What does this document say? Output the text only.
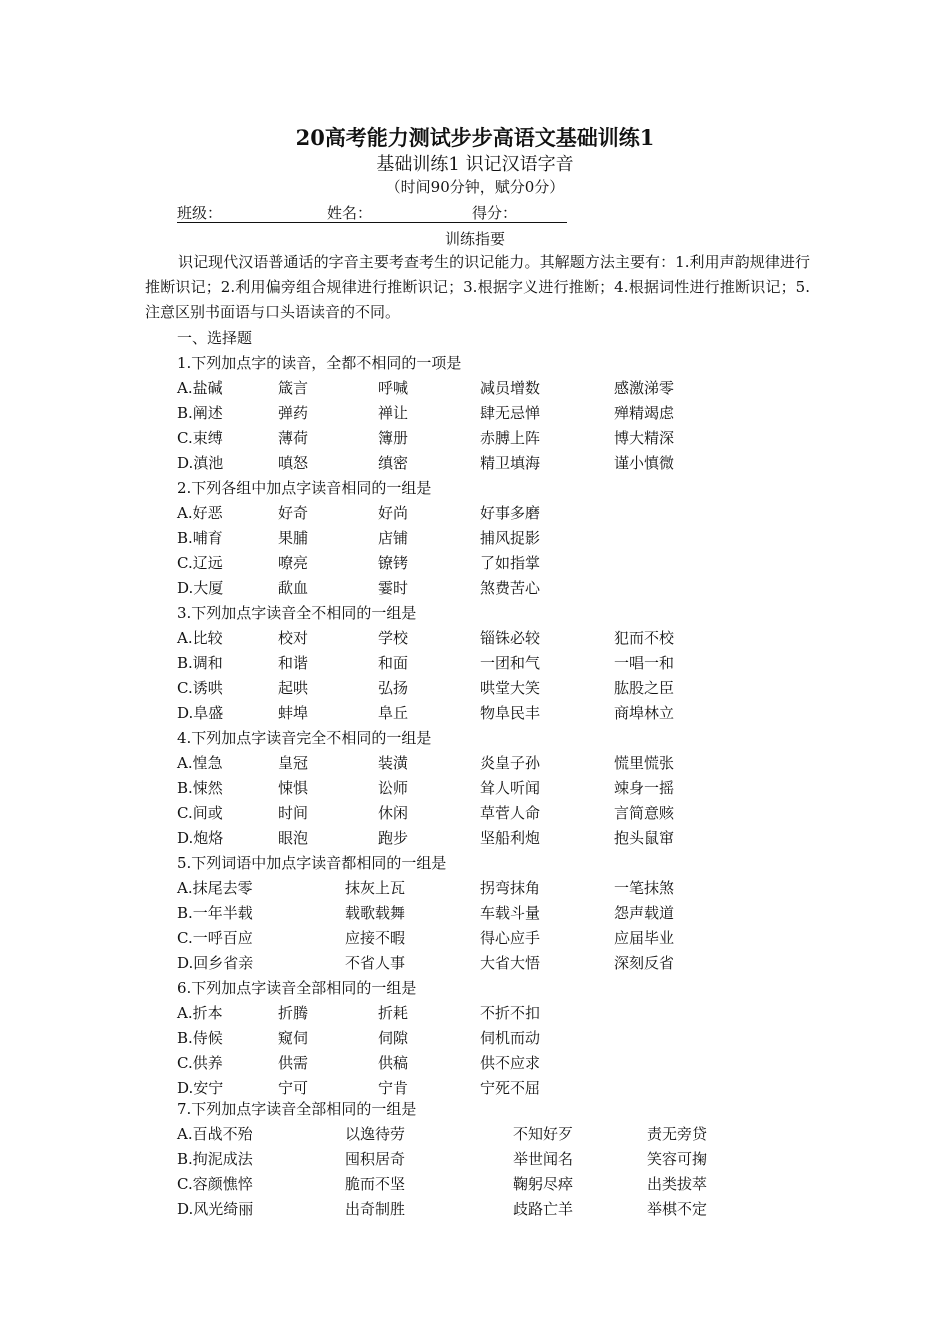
20高考能力测试步步高语文基础训练1
基础训练1 识记汉语字音
（时间90分钟，赋分0分）
班级：	姓名：	得分：
训练指要
识记现代汉语普通话的字音主要考查考生的识记能力。其解题方法主要有：1.利用声韵规律进行推断识记；2.利用偏旁组合规律进行推断识记；3.根据字义进行推断；4.根据词性进行推断识记；5.注意区别书面语与口头语读音的不同。
一、选择题
1.下列加点字的读音，全都不相同的一项是
A.盐碱	箴言	呼喊	减员增数	感激涕零
B.阐述	弹药	禅让	肆无忌惮	殚精竭虑
C.束缚	薄荷	簿册	赤膊上阵	博大精深
D.滇池	嗔怒	缜密	精卫填海	谨小慎微
2.下列各组中加点字读音相同的一组是
A.好恶	好奇	好尚	好事多磨
B.哺育	果脯	店铺	捕风捉影
C.辽远	嘹亮	镣铐	了如指掌
D.大厦	歃血	霎时	煞费苦心
3.下列加点字读音全不相同的一组是
A.比较	校对	学校	锱铢必较	犯而不校
B.调和	和谐	和面	一团和气	一唱一和
C.诱哄	起哄	弘扬	哄堂大笑	肱股之臣
D.阜盛	蚌埠	阜丘	物阜民丰	商埠林立
4.下列加点字读音完全不相同的一组是
A.惶急	皇冠	装潢	炎皇子孙	慌里慌张
B.悚然	悚惧	讼师	耸人听闻	竦身一摇
C.间或	时间	休闲	草菅人命	言简意赅
D.炮烙	眼泡	跑步	坚船利炮	抱头鼠窜
5.下列词语中加点字读音都相同的一组是
A.抹尾去零	抹灰上瓦	拐弯抹角	一笔抹煞
B.一年半载	载歌载舞	车载斗量	怨声载道
C.一呼百应	应接不暇	得心应手	应届毕业
D.回乡省亲	不省人事	大省大悟	深刻反省
6.下列加点字读音全部相同的一组是
A.折本	折腾	折耗	不折不扣
B.侍候	窥伺	伺隙	伺机而动
C.供养	供需	供稿	供不应求
D.安宁	宁可	宁肯	宁死不屈
7.下列加点字读音全部相同的一组是
A.百战不殆	以逸待劳	不知好歹	责无旁贷
B.拘泥成法	囤积居奇	举世闻名	笑容可掬
C.容颜憔悴	脆而不坚	鞠躬尽瘁	出类拔萃
D.风光绮丽	出奇制胜	歧路亡羊	举棋不定
